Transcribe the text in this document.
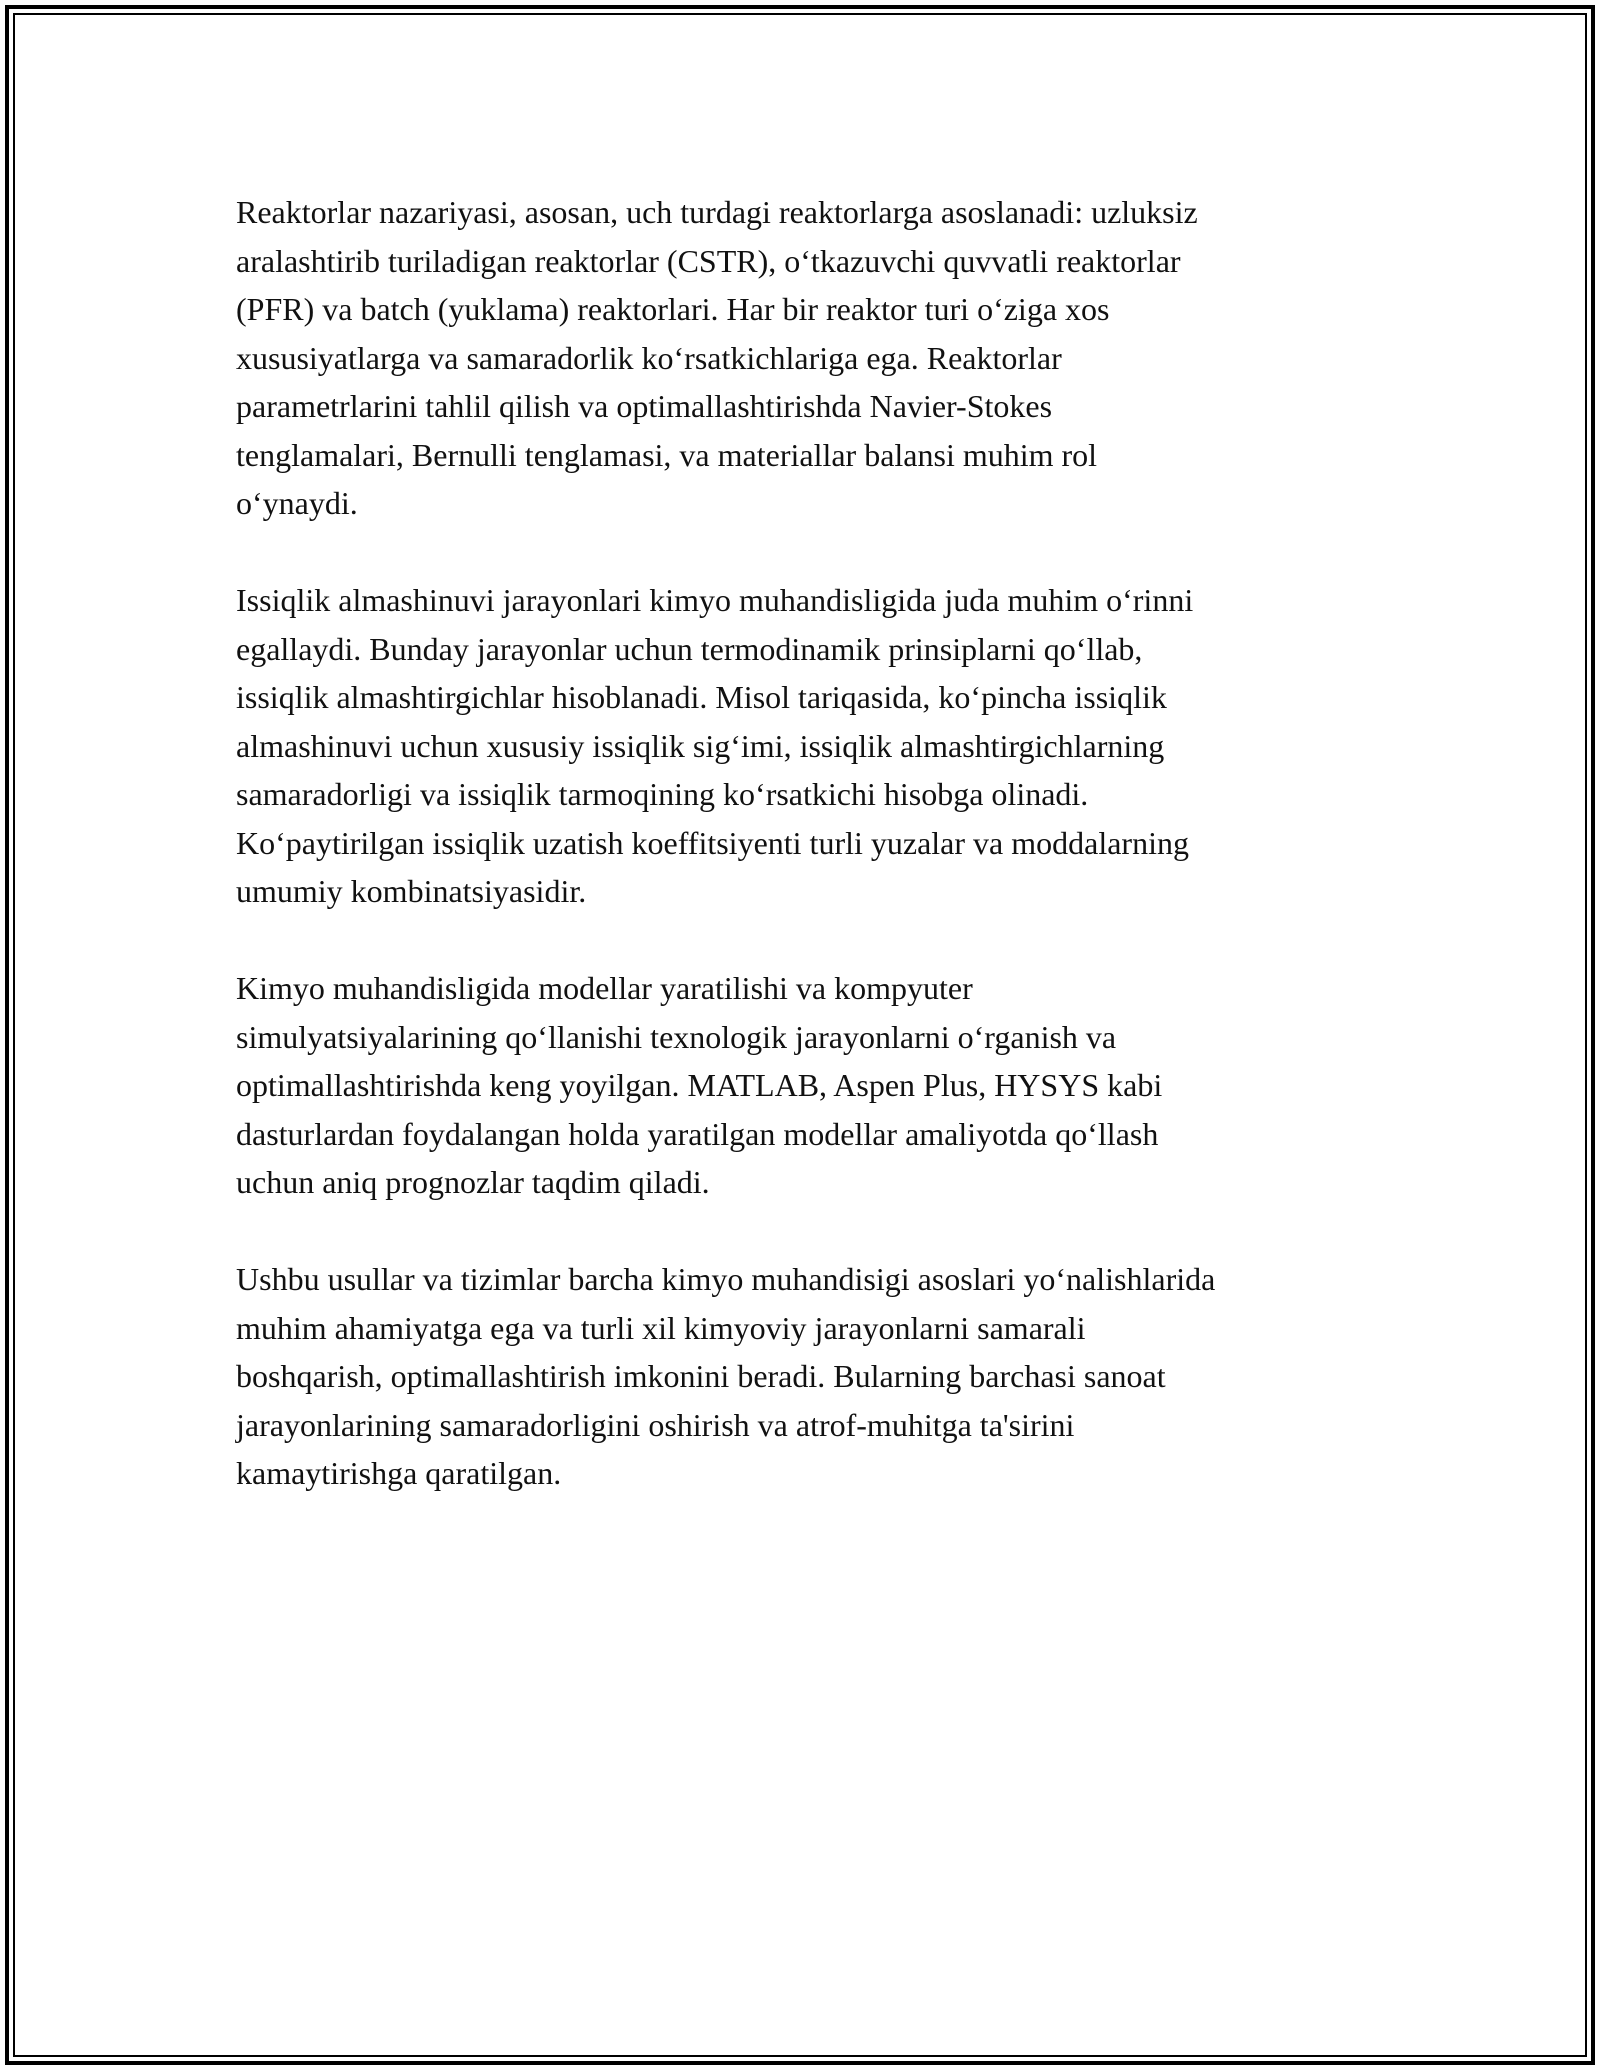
Reaktorlar nazariyasi, asosan, uch turdagi reaktorlarga asoslanadi: uzluksiz
aralashtirib turiladigan reaktorlar (CSTR), o‘tkazuvchi quvvatli reaktorlar
(PFR) va batch (yuklama) reaktorlari. Har bir reaktor turi o‘ziga xos
xususiyatlarga va samaradorlik ko‘rsatkichlariga ega. Reaktorlar
parametrlarini tahlil qilish va optimallashtirishda Navier-Stokes
tenglamalari, Bernulli tenglamasi, va materiallar balansi muhim rol
o‘ynaydi.

Issiqlik almashinuvi jarayonlari kimyo muhandisligida juda muhim o‘rinni
egallaydi. Bunday jarayonlar uchun termodinamik prinsiplarni qo‘llab,
issiqlik almashtirgichlar hisoblanadi. Misol tariqasida, ko‘pincha issiqlik
almashinuvi uchun xususiy issiqlik sig‘imi, issiqlik almashtirgichlarning
samaradorligi va issiqlik tarmoqining ko‘rsatkichi hisobga olinadi.
Ko‘paytirilgan issiqlik uzatish koeffitsiyenti turli yuzalar va moddalarning
umumiy kombinatsiyasidir.

Kimyo muhandisligida modellar yaratilishi va kompyuter
simulyatsiyalarining qo‘llanishi texnologik jarayonlarni o‘rganish va
optimallashtirishda keng yoyilgan. MATLAB, Aspen Plus, HYSYS kabi
dasturlardan foydalangan holda yaratilgan modellar amaliyotda qo‘llash
uchun aniq prognozlar taqdim qiladi.

Ushbu usullar va tizimlar barcha kimyo muhandisigi asoslari yo‘nalishlarida
muhim ahamiyatga ega va turli xil kimyoviy jarayonlarni samarali
boshqarish, optimallashtirish imkonini beradi. Bularning barchasi sanoat
jarayonlarining samaradorligini oshirish va atrof-muhitga ta'sirini
kamaytirishga qaratilgan.
